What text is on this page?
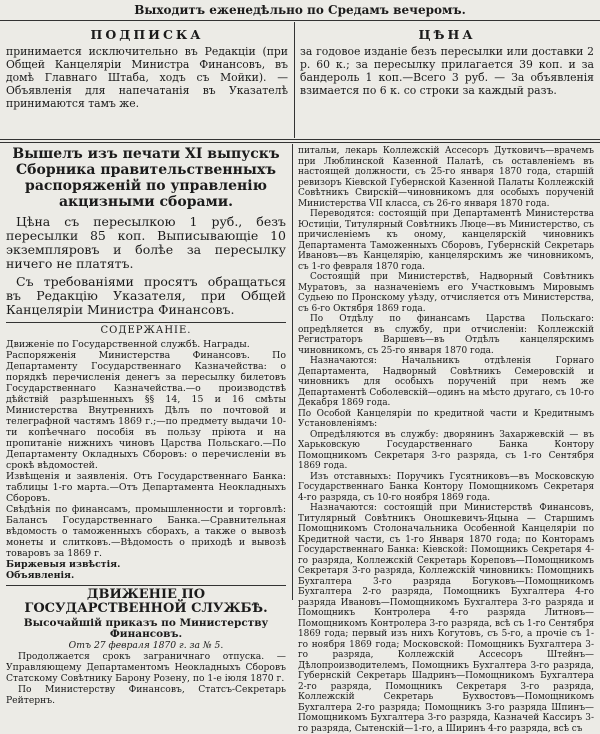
Выходитъ еженедѣльно по Средамъ вечеромъ.

ПОДПИСКА

принимается исключительно въ Редакціи (при Общей Канцеляріи Министра Финансовъ, въ домѣ Главнаго Штаба, ходъ съ Мойки). — Объявленія для напечатанія въ Указателѣ принимаются тамъ же.

ЦѢНА

за годовое изданіе безъ пересылки или доставки 2 р. 60 к.; за пересылку прилагается 39 коп. и за бандероль 1 коп.—Всего 3 руб. — За объявленія взимается по 6 к. со строки за каждый разъ.

Вышелъ изъ печати XI выпускъ Сборника правительственныхъ распоряженій по управленію акцизными сборами.

Цѣна съ пересылкою 1 руб., безъ пересылки 85 коп. Выписывающіе 10 экземпляровъ и болѣе за пересылку ничего не платятъ.

Съ требованіями просятъ обращаться въ Редакцію Указателя, при Общей Канцеляріи Министра Финансовъ.

СОДЕРЖАНІЕ.

Движеніе по Государственной службѣ. Награды.

Распоряженія Министерства Финансовъ. По Департаменту Государственнаго Казначейства: о порядкѣ перечисленія денегъ за пересылку билетовъ Государственнаго Казначейства.—о производствѣ дѣйствій разрѣшенныхъ §§ 14, 15 и 16 смѣты Министерства Внутреннихъ Дѣлъ по почтовой и телеграфной частямъ 1869 г.;—по предмету выдачи 10-ти копѣечнаго пособія въ пользу пріюта и на пропитаніе нижнихъ чиновъ Царства Польскаго.—По Департаменту Окладныхъ Сборовъ: о перечисленіи въ срокѣ вѣдомостей.

Извѣщенія и заявленія. Отъ Государственнаго Банка: таблицы 1-го марта.—Отъ Департамента Неокладныхъ Сборовъ.

Свѣдѣнія по финансамъ, промышленности и торговлѣ: Балансъ Государственнаго Банка.—Сравнительная вѣдомость о таможенныхъ сборахъ, а также о вывозѣ монеты и слитковъ.—Вѣдомость о приходѣ и вывозѣ товаровъ за 1869 г.

Биржевыя извѣстія.

Объявленія.

ДВИЖЕНІЕ ПО ГОСУДАРСТВЕННОЙ СЛУЖБѢ.

Высочайшій приказъ по Министерству Финансовъ.

Отъ 27 февраля 1870 г. за № 5.

Продолжается срокъ заграничнаго отпуска. — Управляющему Департаментомъ Неокладныхъ Сборовъ Статскому Совѣтнику Барону Розену, по 1-е іюля 1870 г.

По Министерству Финансовъ, Статсъ-Секретарь Рейтернъ.

питальи, лекарь Коллежскій Ассесоръ Дутковичъ—врачемъ при Люблинской Казенной Палатѣ, съ оставленіемъ въ настоящей должности, съ 25-го января 1870 года, старшій ревизоръ Кіевской Губернской Казенной Палаты Коллежскій Совѣтникъ Свирскій—чиновникомъ для особыхъ порученій Министерства VII класса, съ 26-го января 1870 года.

Переводятся: состоящій при Департаментѣ Министерства Юстиціи, Титулярный Совѣтникъ Люце—въ Министерство, съ причисленіемъ къ оному, канцелярскій чиновникъ Департамента Таможенныхъ Сборовъ, Губернскій Секретарь Ивановъ—въ Канцелярію, канцелярскимъ же чиновникомъ, съ 1-го февраля 1870 года.

Состоящій при Министерствѣ, Надворный Совѣтникъ Муратовъ, за назначеніемъ его Участковымъ Мировымъ Судьею по Пронскому уѣзду, отчисляется отъ Министерства, съ 6-го Октября 1869 года.

По Отдѣлу по финансамъ Царства Польскаго: опредѣляется въ службу, при отчисленіи: Коллежскій Регистраторъ Варшевъ—въ Отдѣлъ канцелярскимъ чиновникомъ, съ 25-го января 1870 года.

Назначаются: Начальникъ отдѣленія Горнаго Департамента, Надворный Совѣтникъ Семеровскій и чиновникъ для особыхъ порученій при немъ же Департаментѣ Соболевскій—одинъ на мѣсто другаго, съ 10-го Декабря 1869 года.

По Особой Канцеляріи по кредитной части и Кредитнымъ Установленіямъ:

Опредѣляются въ службу: дворянинъ Захаржевскій — въ Харьковскую Государственнаго Банка Контору Помощникомъ Секретаря 3-го разряда, съ 1-го Сентября 1869 года.

Изъ отставныхъ: Поручикъ Гусятниковъ—въ Московскую Государственнаго Банка Контору Помощникомъ Секретаря 4-го разряда, съ 10-го ноября 1869 года.

Назначаются: состоящій при Министерствѣ Финансовъ, Титулярный Совѣтникъ Оношкевичъ-Яцына — Старшимъ Помощникомъ Столоначальника Особенной Канцеляріи по Кредитной части, съ 1-го Января 1870 года; по Конторамъ Государственнаго Банка: Кіевской: Помощникъ Секретаря 4-го разряда, Коллежскій Секретарь Кореповъ—Помощникомъ Секретаря 3-го разряда, Коллежскій чиновникъ: Помощникъ Бухгалтера 3-го разряда Богуковъ—Помощникомъ Бухгалтера 2-го разряда, Помощникъ Бухгалтера 4-го разряда Ивановъ—Помощникомъ Бухгалтера 3-го разряда и Помощникъ Контролера 4-го разряда Литновъ—Помощникомъ Контролера 3-го разряда, всѣ съ 1-го Сентября 1869 года; первый изъ нихъ Когутовъ, съ 5-го, а прочіе съ 1-го ноября 1869 года; Московской: Помощникъ Бухгалтера 3-го разряда, Коллежскій Ассесоръ Штейнъ—Дѣлопроизводителемъ, Помощникъ Бухгалтера 3-го разряда, Губернскій Секретарь Шадринъ—Помощникомъ Бухгалтера 2-го разряда, Помощникъ Секретаря 3-го разряда, Коллежскій Секретарь Бухвостовъ—Помощникомъ Бухгалтера 2-го разряда; Помощникъ 3-го разряда Шпинъ—Помощникомъ Бухгалтера 3-го разряда, Казначей Кассиръ 3-го разряда, Сытенскій—1-го, а Ширинъ 4-го разряда, всѣ съ
